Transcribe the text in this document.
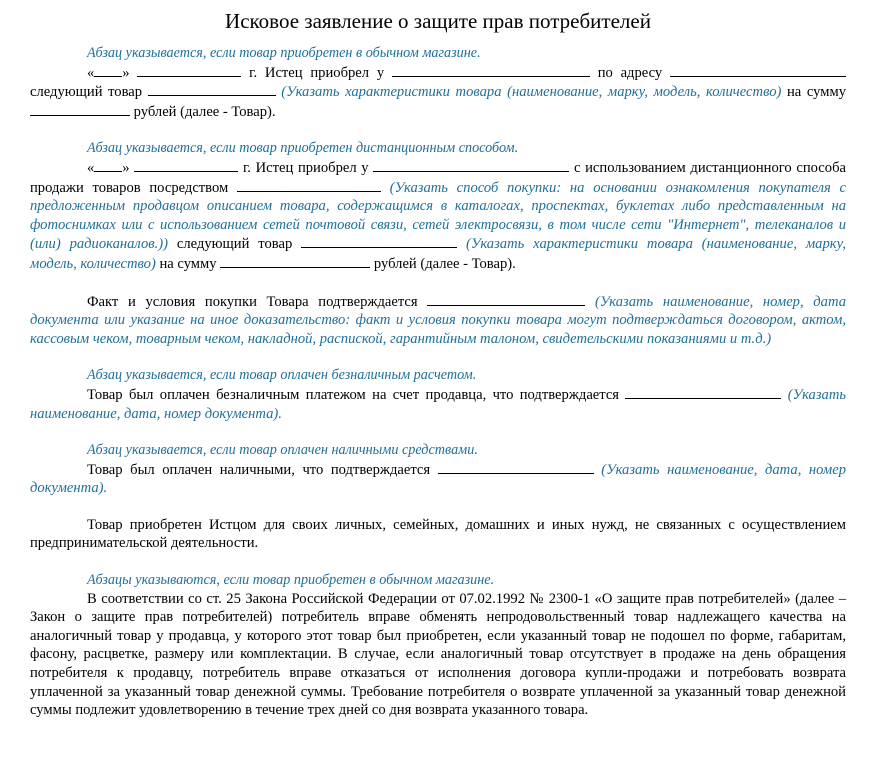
Исковое заявление о защите прав потребителей

Абзац указывается, если товар приобретен в обычном магазине.

« »	г. Истец приобрел у	по адресу  следующий товар	(Указать характеристики товара (наименование, марку, модель, количество) на сумму  рублей (далее - Товар).

Абзац указывается, если товар приобретен дистанционным способом.

« »	г. Истец приобрел у	с использованием дистанционного способа продажи товаров посредством	(Указать способ покупки: на основании ознакомления покупателя с предложенным продавцом описанием товара, содержащимся в каталогах, проспектах, буклетах либо представленным на фотоснимках или с использованием сетей почтовой связи, сетей электросвязи, в том числе сети "Интернет", телеканалов и (или) радиоканалов.)) следующий товар	(Указать характеристики товара (наименование, марку, модель, количество) на сумму	рублей (далее - Товар).

Факт и условия покупки Товара подтверждается	(Указать наименование, номер, дата документа или указание на иное доказательство: факт и условия покупки товара могут подтверждаться договором, актом, кассовым чеком, товарным чеком, накладной, распиской, гарантийным талоном, свидетельскими показаниями и т.д.)

Абзац указывается, если товар оплачен безналичным расчетом.

Товар был оплачен безналичным платежом на счет продавца, что подтверждается	(Указать наименование, дата, номер документа).

Абзац указывается, если товар оплачен наличными средствами.

Товар был оплачен наличными, что подтверждается	(Указать наименование, дата, номер документа).

Товар приобретен Истцом для своих личных, семейных, домашних и иных нужд, не связанных с осуществлением предпринимательской деятельности.

Абзацы указываются, если товар приобретен в обычном магазине.

В соответствии со ст. 25 Закона Российской Федерации от 07.02.1992 № 2300-1 «О защите прав потребителей» (далее – Закон о защите прав потребителей) потребитель вправе обменять непродовольственный товар надлежащего качества на аналогичный товар у продавца, у которого этот товар был приобретен, если указанный товар не подошел по форме, габаритам, фасону, расцветке, размеру или комплектации. В случае, если аналогичный товар отсутствует в продаже на день обращения потребителя к продавцу, потребитель вправе отказаться от исполнения договора купли-продажи и потребовать возврата уплаченной за указанный товар денежной суммы. Требование потребителя о возврате уплаченной за указанный товар денежной суммы подлежит удовлетворению в течение трех дней со дня возврата указанного товара.
